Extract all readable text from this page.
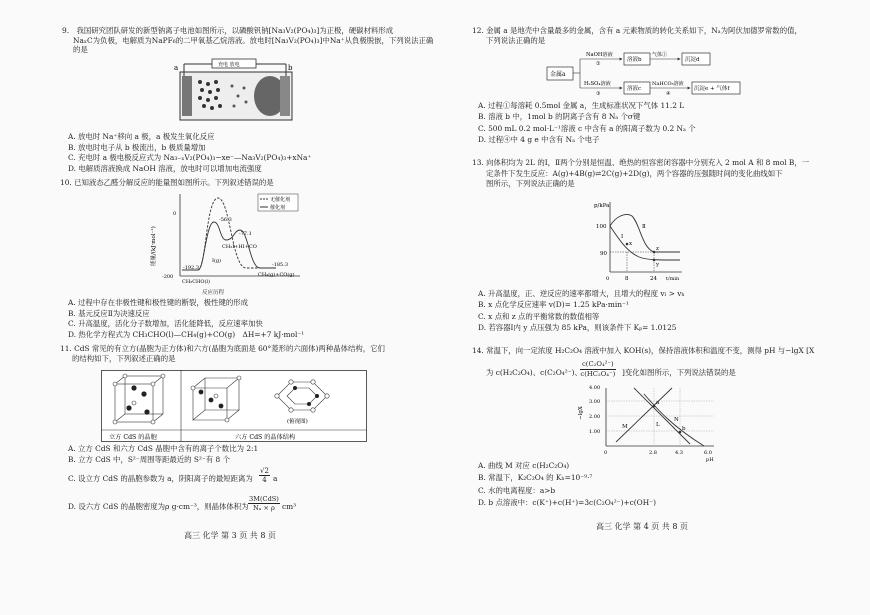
9.　我国研究团队研发的新型钠离子电池如图所示，以磷酸钒钠[Na₃V₂(PO₄)₃]为正极，硬碳材料形成
NaₓC为负极，电解质为NaPF₆的二甲氧基乙烷溶液。放电时[Na₃V₂(PO₄)₃]中Na⁺从負极脱嵌，下列说法正确
的是
充电 放电
a	b
A. 放电时 Na⁺移向 a 极，a 极发生氧化反应
B. 放电时电子从 b 极流出，b 极质量增加
C. 充电时 a 极电极反应式为 Na₃₋ₓV₂(PO₄)₃−xe⁻—Na₃V₂(PO₄)₃+xNa⁺
D. 电解质溶液换成 NaOH 溶液，放电时可以增加电流强度
10. 已知液态乙醛分解反应的能量图如图所示。下列叙述错误的是
能量/(kJ·mol⁻¹)
0
-200
无催化剂
催化剂
-56.3
-77.1
-192.3	-185.3
CH₃CHO(l)
I(g)
CH₃I+HI+CO
CH₄(g)+CO(g)
反应历程
A. 过程中存在非极性键和极性键的断裂，极性键的形成
B. 基元反应Ⅱ为决速反应
C. 升高温度，活化分子数增加，活化能降低，反应速率加快
D. 热化学方程式为 CH₃CHO(l)—CH₄(g)+CO(g)　ΔH=+7 kJ·mol⁻¹
11. CdS 常见的有立方(晶胞为正方体)和六方(晶胞为底面是 60°菱形的六面体)两种晶体结构，它们
的结构如下，下列叙述正确的是
立方 CdS 的晶胞	六方 CdS 的晶体结构
(俯视图)
A. 立方 CdS 和六方 CdS 晶胞中含有的离子个数比为 2:1
B. 立方 CdS 中，S²⁻周围等距最近的 S²⁻有 8 个
C. 设立方 CdS 的晶胞参数为 a，阴阳离子的最短距离为 $\frac{√2}{4}$ a
D. 设六方 CdS 的晶胞密度为ρ g·cm⁻³，则晶体体积为
3M(CdS)
Nₐ × ρ cm³
高三 化学 第 3 页 共 8 页
12. 金属 a 是地壳中含量最多的金属，含有 a 元素物质的转化关系如下，Nₐ为阿伏加德罗常数的值，
下列说法正确的是
金属a
NaOH溶液
H₂SO₄溶液
①
③
溶液b
溶液c
气体①
NaHCO₃溶液
④
沉淀d
沉淀e + 气体f
A. 过程①每溶耗 0.5mol 金属 a，生成标准状况下气体 11.2 L
B. 溶液 b 中，1mol b 的阴离子含有 8 Nₐ 个σ键
C. 500 mL 0.2 mol·L⁻¹溶液 c 中含有 a 的阳离子数为 0.2 Nₐ 个
D. 过程④中 4 g e 中含有 Nₐ 个电子
13. 向体积均为 2L 的Ⅰ，Ⅱ两个分别是恒温、绝热的恒容密闭容器中分别充入 2 mol A 和 8 mol B，一
定条件下发生反应：A(g)+4B(g)⇌2C(g)+2D(g)，两个容器的压强随时间的变化曲线如下
图所示，下列说法正确的是
p/kPa
t/min
100
90
0	8	24
Ⅰ
Ⅱ
x
z
y
A. 升高温度，正、逆反应的速率都增大，且增大的程度 vₗ > vₕ
B. x 点化学反应速率 v(D)= 1.25 kPa·min⁻¹
C. x 点和 z 点的平衡常数的数值相等
D. 若容器Ⅰ内 y 点压强为 85 kPa，则该条件下 Kₚ= 1.0125
14. 常温下，向一定浓度 H₂C₂O₄ 溶液中加入 KOH(s)，保持溶液体积和温度不变，测得 pH 与−lgX [X
为 c(H₂C₂O₄)、c(C₂O₄²⁻)、
$\frac{\text{c(C₂O₄²⁻)}}{\text{c(HC₂O₄⁻)}}$ ]变化如图所示，下列说法错误的是
−lgX
4.00
3.00
2.00
1.00
0	2.8	4.3	6.0
pH
M	L
N
a
b
A. 曲线 M 对应 c(H₂C₂O₄)
B. 常温下，K₂C₂O₄ 的 Kₕ=10⁻⁹·⁷
C. 水的电离程度：a>b
D. b 点溶液中：c(K⁺)+c(H⁺)=3c(C₂O₄²⁻)+c(OH⁻)
高三 化学 第 4 页 共 8 页
